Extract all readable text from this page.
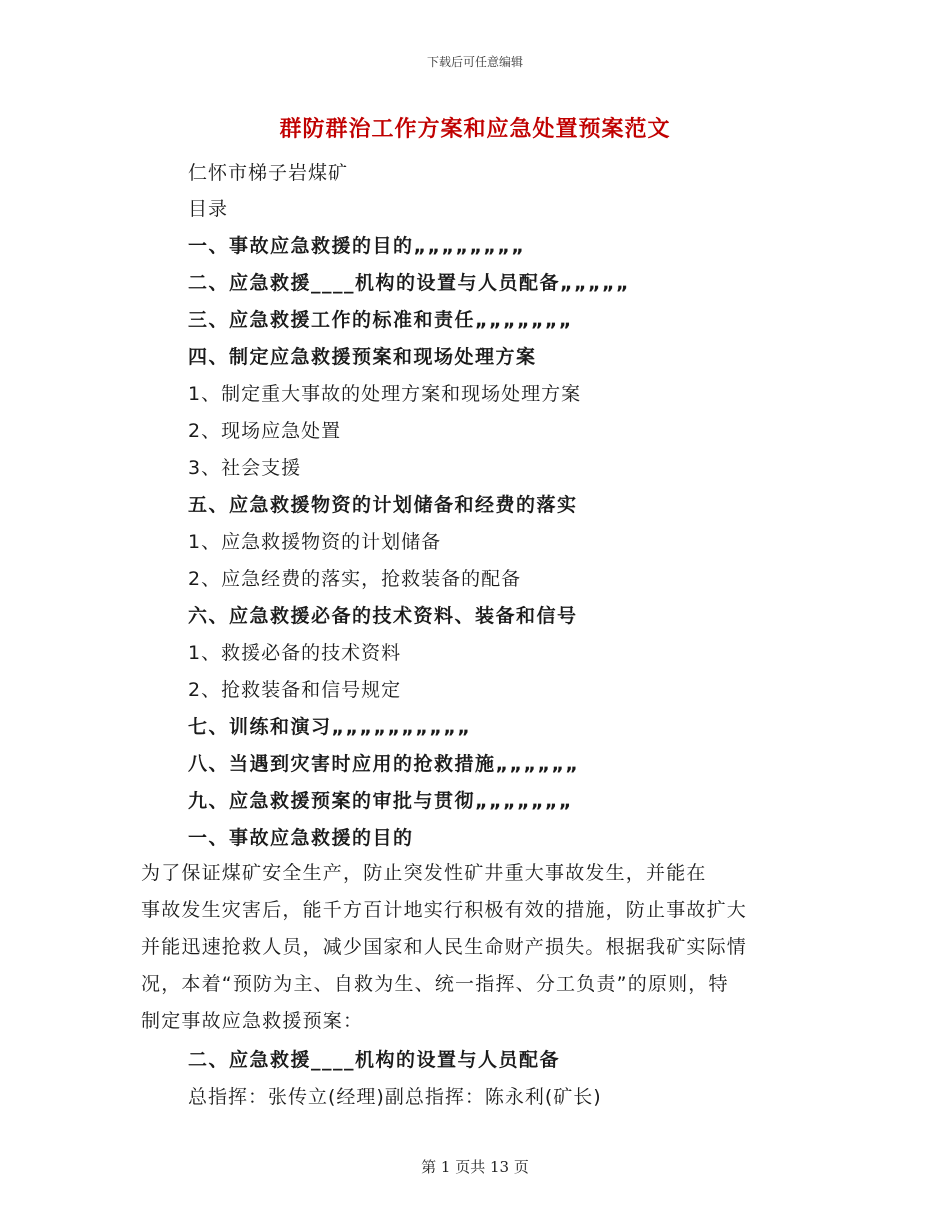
下载后可任意编辑
群防群治工作方案和应急处置预案范文
仁怀市梯子岩煤矿
目录
一、事故应急救援的目的„„„„„„„„
二、应急救援____机构的设置与人员配备„„„„„
三、应急救援工作的标准和责任„„„„„„„
四、制定应急救援预案和现场处理方案
1、制定重大事故的处理方案和现场处理方案
2、现场应急处置
3、社会支援
五、应急救援物资的计划储备和经费的落实
1、应急救援物资的计划储备
2、应急经费的落实，抢救装备的配备
六、应急救援必备的技术资料、装备和信号
1、救援必备的技术资料
2、抢救装备和信号规定
七、训练和演习„„„„„„„„„„
八、当遇到灾害时应用的抢救措施„„„„„„
九、应急救援预案的审批与贯彻„„„„„„„
一、事故应急救援的目的
为了保证煤矿安全生产，防止突发性矿井重大事故发生，并能在
事故发生灾害后，能千方百计地实行积极有效的措施，防止事故扩大
并能迅速抢救人员，减少国家和人民生命财产损失。根据我矿实际情
况，本着“预防为主、自救为生、统一指挥、分工负责”的原则，特
制定事故应急救援预案：
二、应急救援____机构的设置与人员配备
总指挥：张传立(经理)副总指挥：陈永利(矿长)
第 1 页共 13 页
